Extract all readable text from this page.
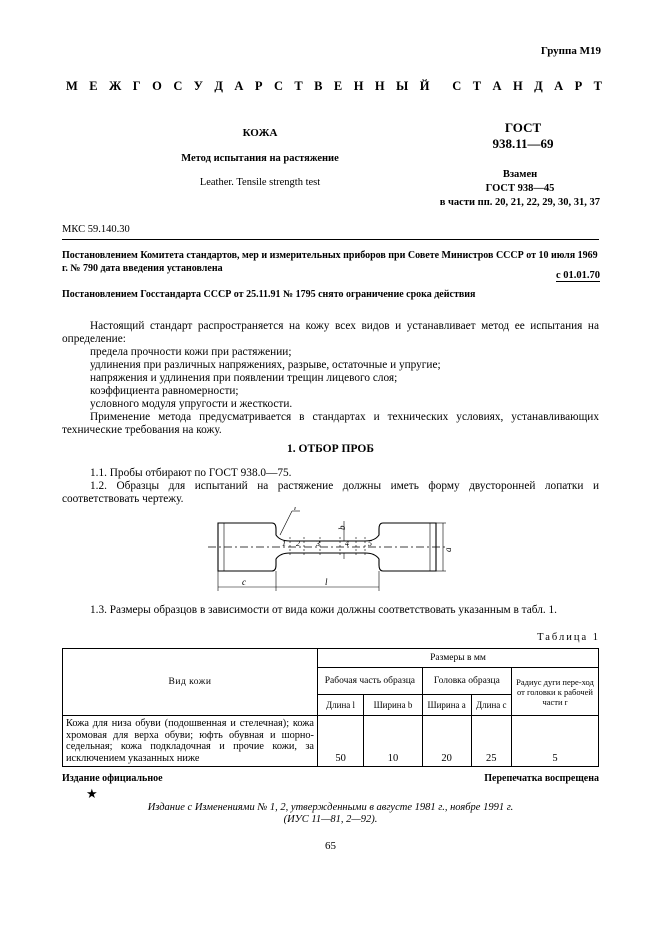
Группа М19
М Е Ж Г О С У Д А Р С Т В Е Н Н Ы Й С Т А Н Д А Р Т
ГОСТ
938.11—69
КОЖА
Метод испытания на растяжение
Leather. Tensile strength test
Взамен
ГОСТ 938—45
в части пп. 20, 21, 22, 29, 30, 31, 37
МКС 59.140.30
Постановлением Комитета стандартов, мер и измерительных приборов при Совете Министров СССР от 10 июля 1969 г. № 790 дата введения установлена
с 01.01.70
Постановлением Госстандарта СССР от 25.11.91 № 1795 снято ограничение срока действия

Настоящий стандарт распространяется на кожу всех видов и устанавливает метод ее испытания на определение:

предела прочности кожи при растяжении;

удлинения при различных напряжениях, разрыве, остаточные и упругие;

напряжения и удлинения при появлении трещин лицевого слоя;

коэффициента равномерности;

условного модуля упругости и жесткости.

Применение метода предусматривается в стандартах и технических условиях, устанавливающих технические требования на кожу.

1. ОТБОР ПРОБ

1.1. Пробы отбирают по ГОСТ 938.0—75.

1.2. Образцы для испытаний на растяжение должны иметь форму двусторонней лопатки и соответствовать чертежу.

1 2 3	4 5
r
b
a
c	l

1.3. Размеры образцов в зависимости от вида кожи должны соответствовать указанным в табл. 1.

Таблица 1
Вид кожи	Размеры в мм				
	Рабочая часть образца		Головка образца		Радиус дуги пере-ход от головки к рабочей части r
	Длина l	Ширина b	Ширина a	Длина c	
Кожа для низа обуви (подошвенная и стелечная); кожа хромовая для верха обуви; юфть обувная и шорно-седельная; кожа подкладочная и прочие кожи, за исключением указанных ниже	50	10	20	25	5
Издание официальное	Перепечатка воспрещена
★
Издание с Изменениями № 1, 2, утвержденными в августе 1981 г., ноябре 1991 г.
(ИУС 11—81, 2—92).
65
